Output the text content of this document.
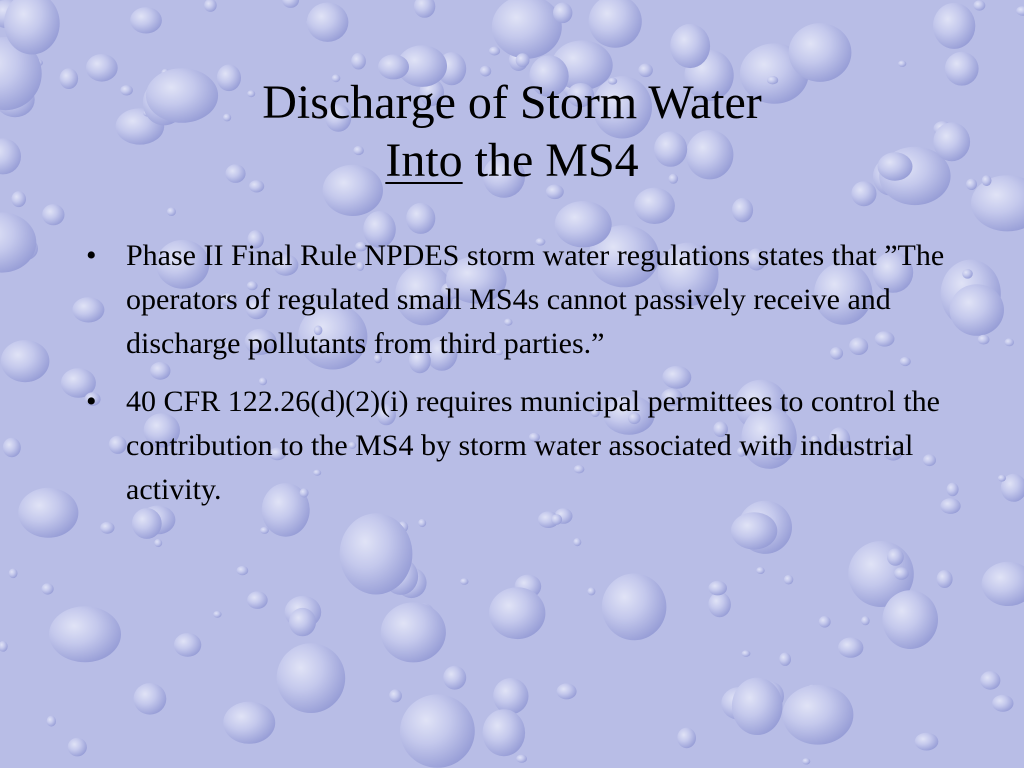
Discharge of Storm Water
Into the MS4
• Phase II Final Rule NPDES storm water regulations states that ”The operators of regulated small MS4s cannot passively receive and discharge pollutants from third parties.”
• 40 CFR 122.26(d)(2)(i) requires municipal permittees to control the contribution to the MS4 by storm water associated with industrial activity.
